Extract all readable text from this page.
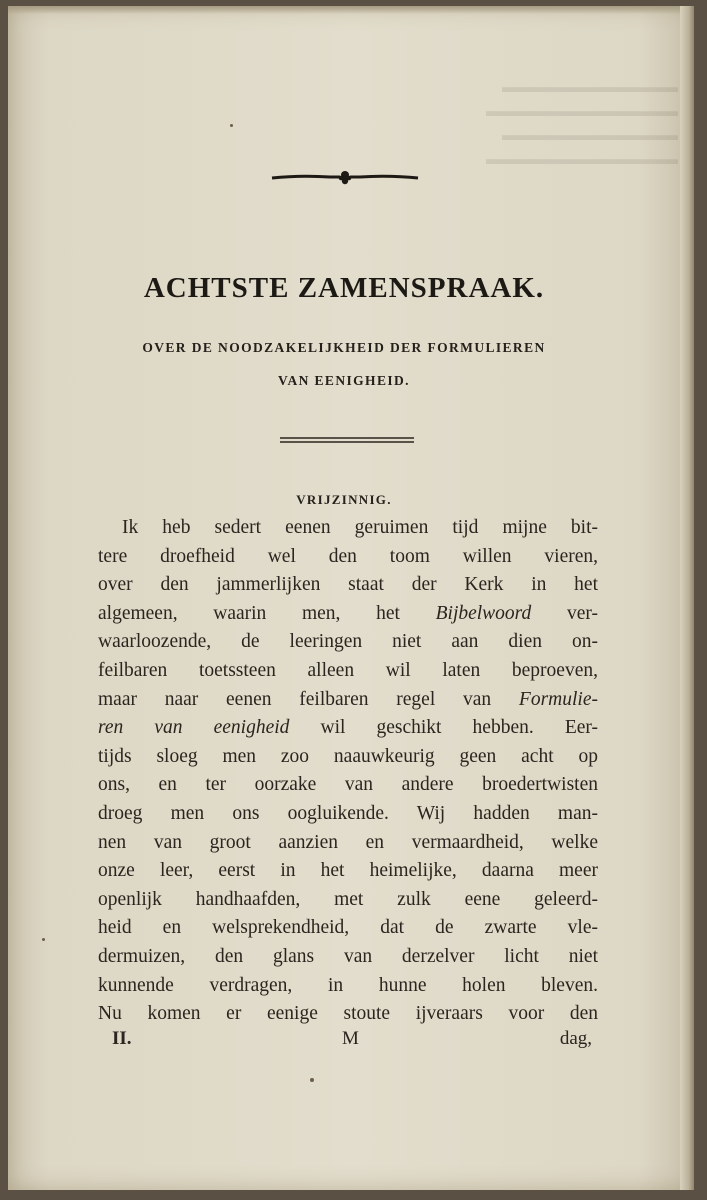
▬▬▬▬▬▬▬▬▬▬▬
▬▬▬▬▬▬▬▬▬▬▬▬
▬▬▬▬▬▬▬▬▬▬▬
▬▬▬▬▬▬▬▬▬▬▬▬
ACHTSTE ZAMENSPRAAK.
OVER DE NOODZAKELIJKHEID DER FORMULIEREN
VAN EENIGHEID.
VRIJZINNIG.
Ik heb sedert eenen geruimen tijd mijne bit-
tere droefheid wel den toom willen vieren,
over den jammerlijken staat der Kerk in het
algemeen, waarin men, het Bijbelwoord ver-
waarloozende, de leeringen niet aan dien on-
feilbaren toetssteen alleen wil laten beproeven,
maar naar eenen feilbaren regel van Formulie-
ren van eenigheid wil geschikt hebben. Eer-
tijds sloeg men zoo naauwkeurig geen acht op
ons, en ter oorzake van andere broedertwisten
droeg men ons oogluikende. Wij hadden man-
nen van groot aanzien en vermaardheid, welke
onze leer, eerst in het heimelijke, daarna meer
openlijk handhaafden, met zulk eene geleerd-
heid en welsprekendheid, dat de zwarte vle-
dermuizen, den glans van derzelver licht niet
kunnende verdragen, in hunne holen bleven.
Nu komen er eenige stoute ijveraars voor den
II.	M	dag,
